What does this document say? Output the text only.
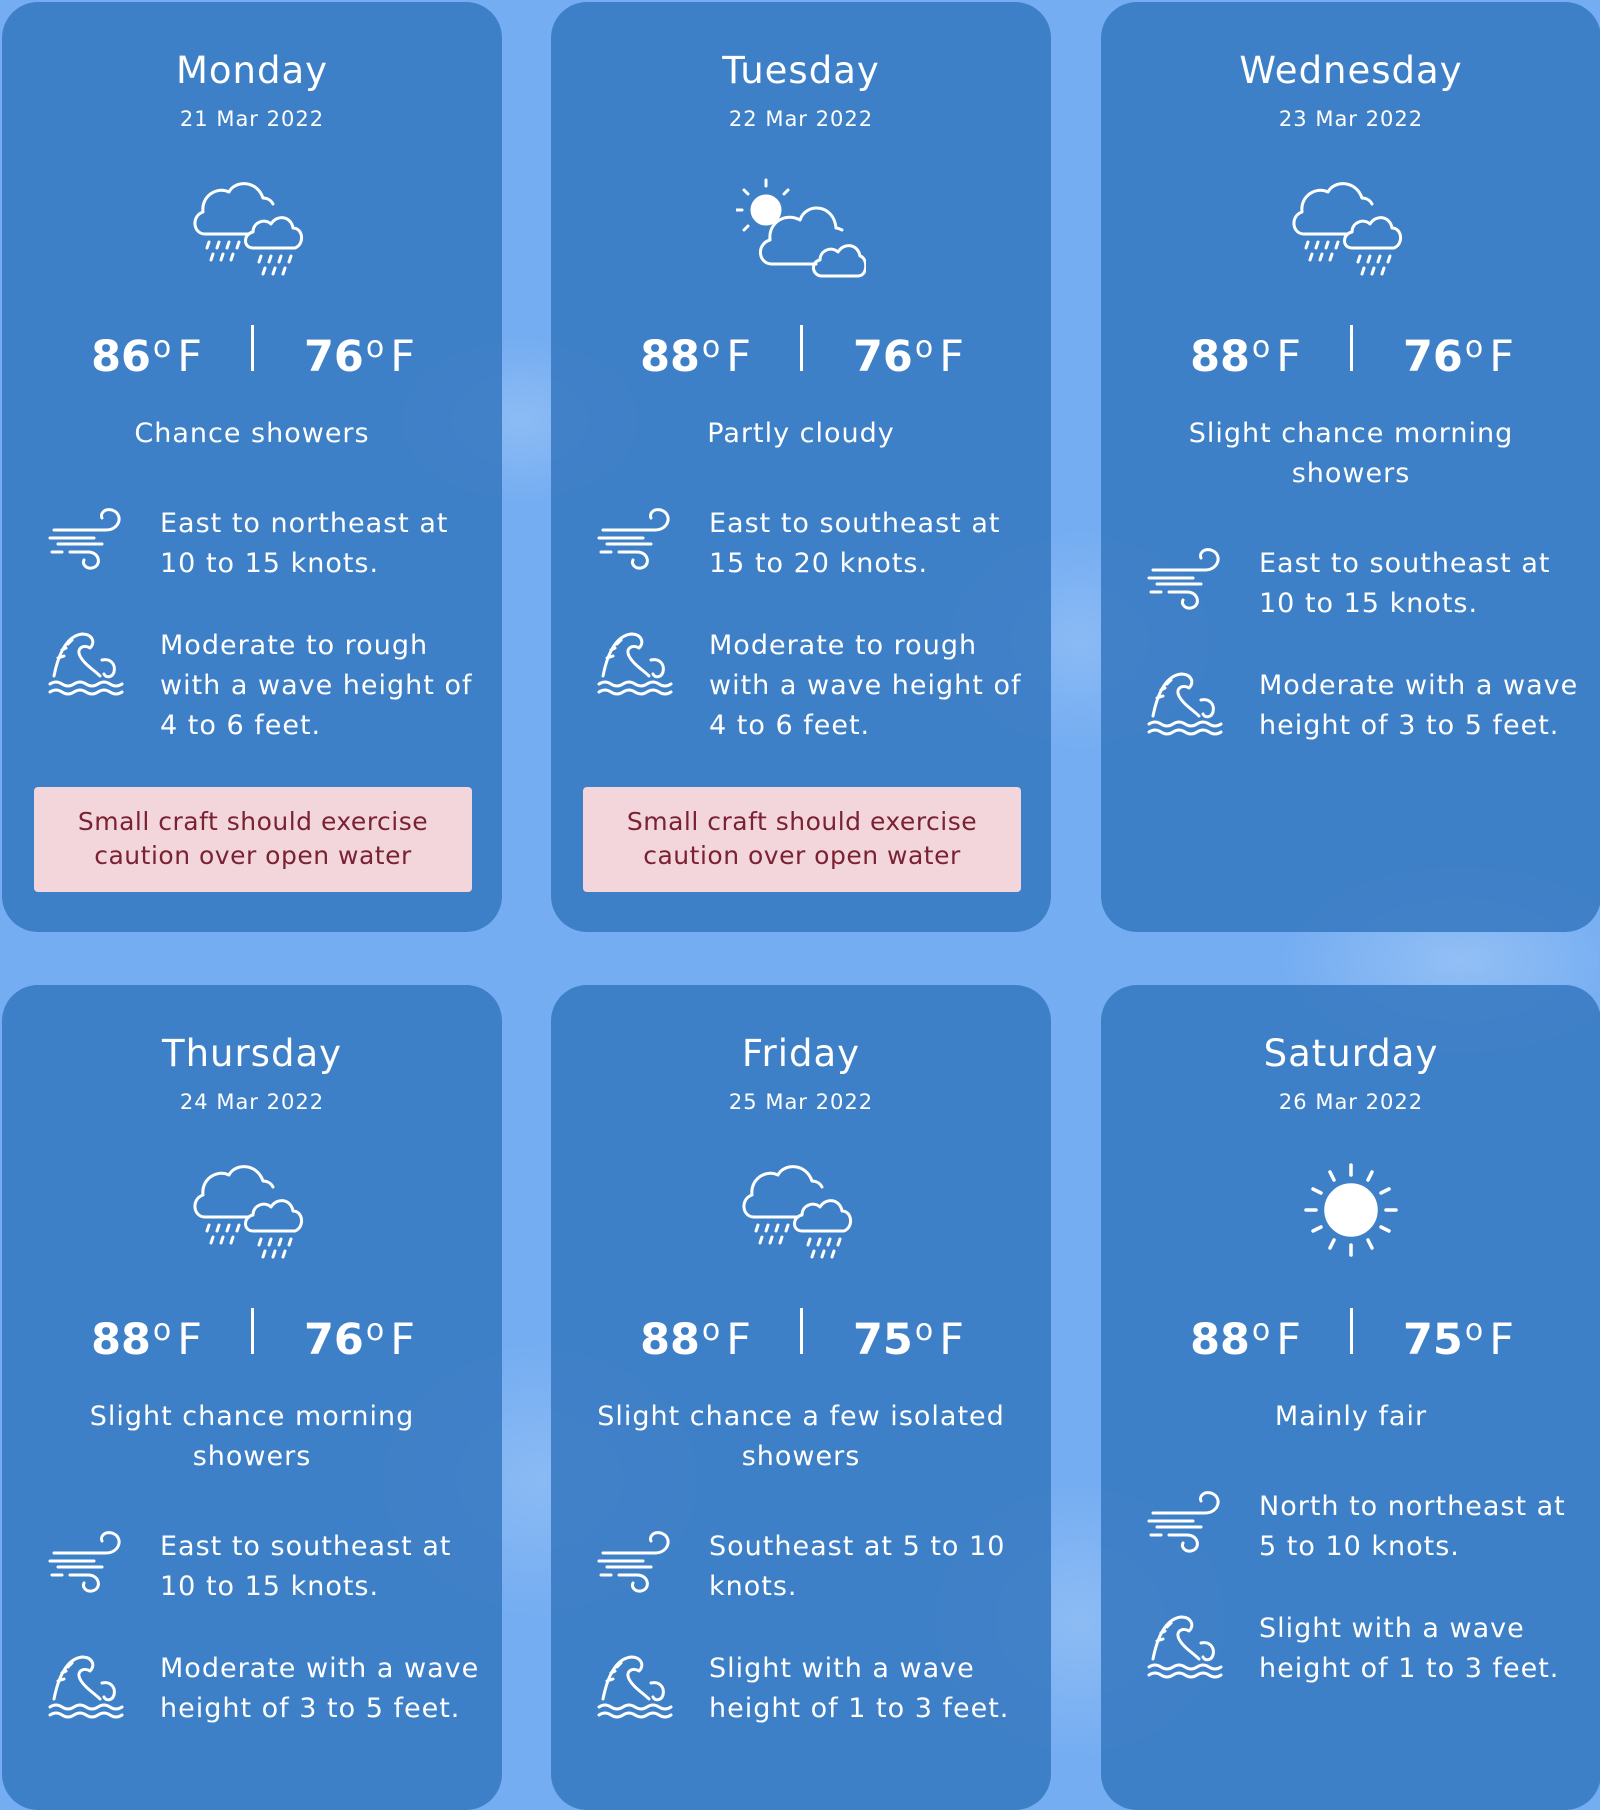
Monday
21 Mar 2022
86$^o$ F 76$^o$ F
Chance showers
East to northeast at 10 to 15 knots.
Moderate to rough with a wave height of 4 to 6 feet.
Small craft should exercise caution over open water
Tuesday
22 Mar 2022
88$^o$ F 76$^o$ F
Partly cloudy
East to southeast at 15 to 20 knots.
Moderate to rough with a wave height of 4 to 6 feet.
Small craft should exercise caution over open water
Wednesday
23 Mar 2022
88$^o$ F 76$^o$ F
Slight chance morning showers
East to southeast at 10 to 15 knots.
Moderate with a wave height of 3 to 5 feet.
Thursday
24 Mar 2022
88$^o$ F 76$^o$ F
Slight chance morning showers
East to southeast at 10 to 15 knots.
Moderate with a wave height of 3 to 5 feet.
Friday
25 Mar 2022
88$^o$ F 75$^o$ F
Slight chance a few isolated showers
Southeast at 5 to 10 knots.
Slight with a wave height of 1 to 3 feet.
Saturday
26 Mar 2022
88$^o$ F 75$^o$ F
Mainly fair
North to northeast at 5 to 10 knots.
Slight with a wave height of 1 to 3 feet.
